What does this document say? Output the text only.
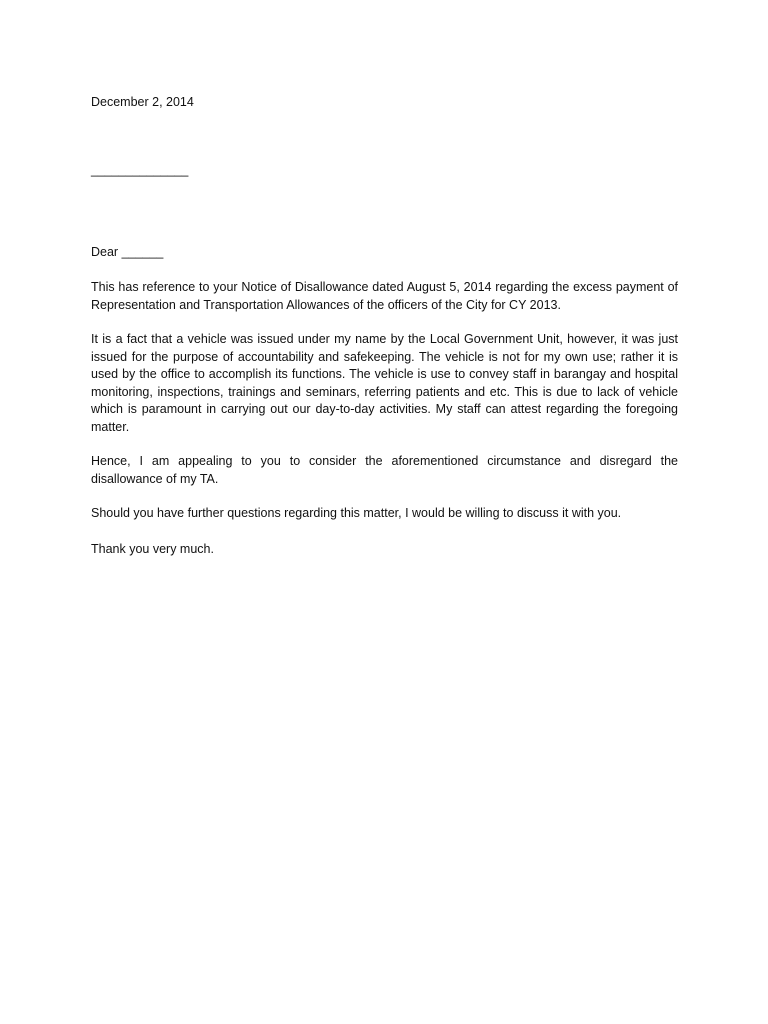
December 2, 2014
______________
Dear ______

This has reference to your Notice of Disallowance dated August 5, 2014 regarding the excess payment of Representation and Transportation Allowances of the officers of the City for CY 2013.

It is a fact that a vehicle was issued under my name by the Local Government Unit, however, it was just issued for the purpose of accountability and safekeeping. The vehicle is not for my own use; rather it is used by the office to accomplish its functions. The vehicle is use to convey staff in barangay and hospital monitoring, inspections, trainings and seminars, referring patients and etc. This is due to lack of vehicle which is paramount in carrying out our day-to-day activities. My staff can attest regarding the foregoing matter.

Hence, I am appealing to you to consider the aforementioned circumstance and disregard the disallowance of my TA.

Should you have further questions regarding this matter, I would be willing to discuss it with you.

Thank you very much.
